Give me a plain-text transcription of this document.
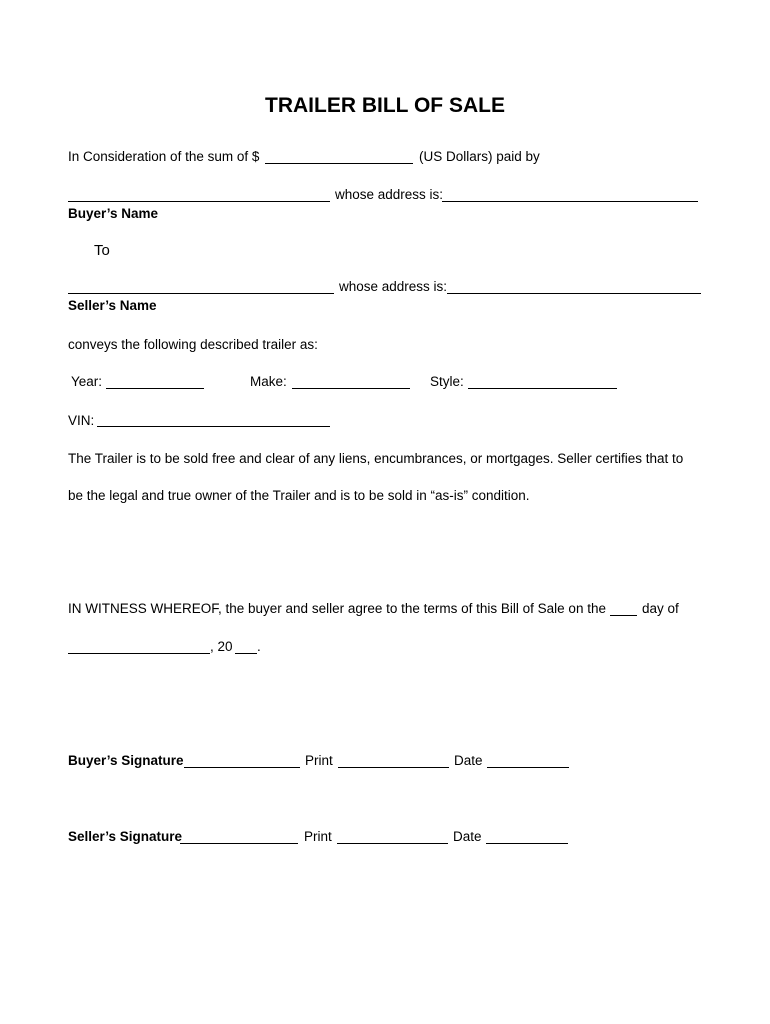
TRAILER BILL OF SALE
In Consideration of the sum of $	(US Dollars) paid by
whose address is:
Buyer’s Name
To
whose address is:
Seller’s Name
conveys the following described trailer as:
Year:	Make:	Style:
VIN:
The Trailer is to be sold free and clear of any liens, encumbrances, or mortgages. Seller certifies that to
be the legal and true owner of the Trailer and is to be sold in “as-is” condition.
IN WITNESS WHEREOF, the buyer and seller agree to the terms of this Bill of Sale on the	day of
, 20 .
Buyer’s Signature	Print	Date
Seller’s Signature	Print	Date
